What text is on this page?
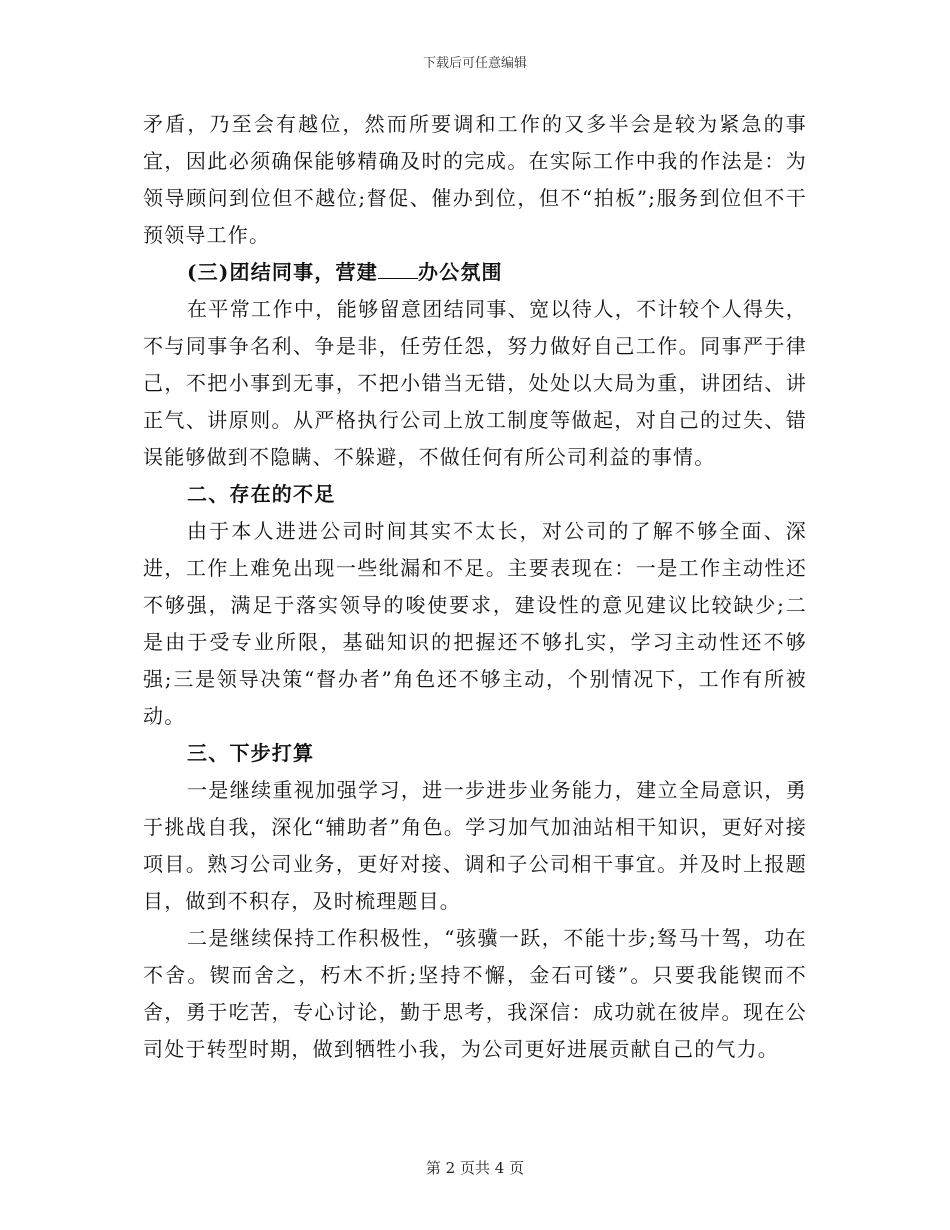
下载后可任意编辑

矛盾，乃至会有越位，然而所要调和工作的又多半会是较为紧急的事宜，因此必须确保能够精确及时的完成。在实际工作中我的作法是：为领导顾问到位但不越位;督促、催办到位，但不“拍板”;服务到位但不干预领导工作。

(三)团结同事，营建 办公氛围

在平常工作中，能够留意团结同事、宽以待人，不计较个人得失，不与同事争名利、争是非，任劳任怨，努力做好自己工作。同事严于律己，不把小事到无事，不把小错当无错，处处以大局为重，讲团结、讲正气、讲原则。从严格执行公司上放工制度等做起，对自己的过失、错误能够做到不隐瞒、不躲避，不做任何有所公司利益的事情。

二、存在的不足

由于本人进进公司时间其实不太长，对公司的了解不够全面、深进，工作上难免出现一些纰漏和不足。主要表现在：一是工作主动性还不够强，满足于落实领导的唆使要求，建设性的意见建议比较缺少;二是由于受专业所限，基础知识的把握还不够扎实，学习主动性还不够强;三是领导决策“督办者”角色还不够主动，个别情况下，工作有所被动。

三、下步打算

一是继续重视加强学习，进一步进步业务能力，建立全局意识，勇于挑战自我，深化“辅助者”角色。学习加气加油站相干知识，更好对接项目。熟习公司业务，更好对接、调和子公司相干事宜。并及时上报题目，做到不积存，及时梳理题目。

二是继续保持工作积极性，“骇骥一跃，不能十步;驽马十驾，功在不舍。锲而舍之，朽木不折;坚持不懈，金石可镂”。只要我能锲而不舍，勇于吃苦，专心讨论，勤于思考，我深信：成功就在彼岸。现在公司处于转型时期，做到牺牲小我，为公司更好进展贡献自己的气力。

第 2 页共 4 页
